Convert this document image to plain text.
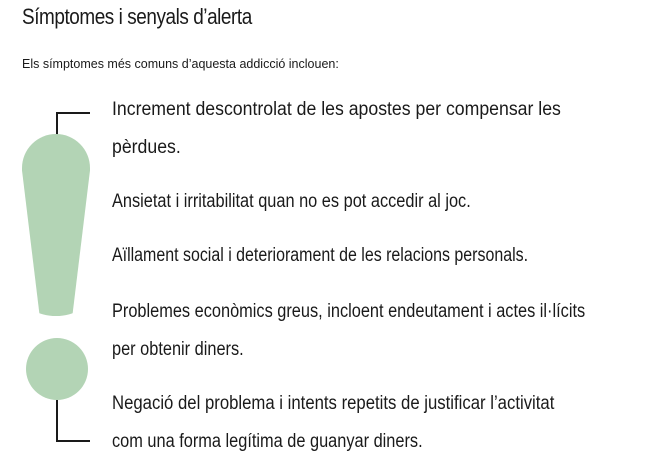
Símptomes i senyals d’alerta
Els símptomes més comuns d’aquesta addicció inclouen:
Increment descontrolat de les apostes per compensar les
pèrdues.
Ansietat i irritabilitat quan no es pot accedir al joc.
Aïllament social i deteriorament de les relacions personals.
Problemes econòmics greus, incloent endeutament i actes il·lícits
per obtenir diners.
Negació del problema i intents repetits de justificar l’activitat
com una forma legítima de guanyar diners.
